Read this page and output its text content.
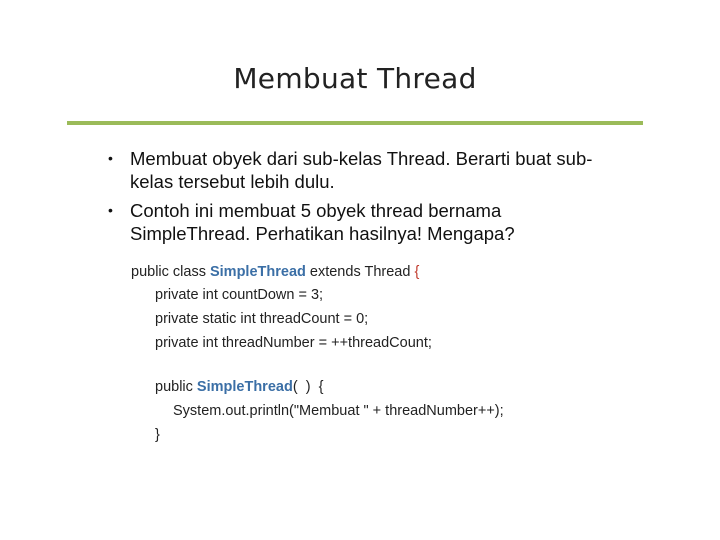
Membuat Thread
• Membuat obyek dari sub-kelas Thread. Berarti buat sub-kelas tersebut lebih dulu.
• Contoh ini membuat 5 obyek thread bernama SimpleThread. Perhatikan hasilnya! Mengapa?
public class SimpleThread extends Thread {
private int countDown = 3;
private static int threadCount = 0;
private int threadNumber = ++threadCount;
public SimpleThread(  )  {
System.out.println("Membuat " + threadNumber++);
}
